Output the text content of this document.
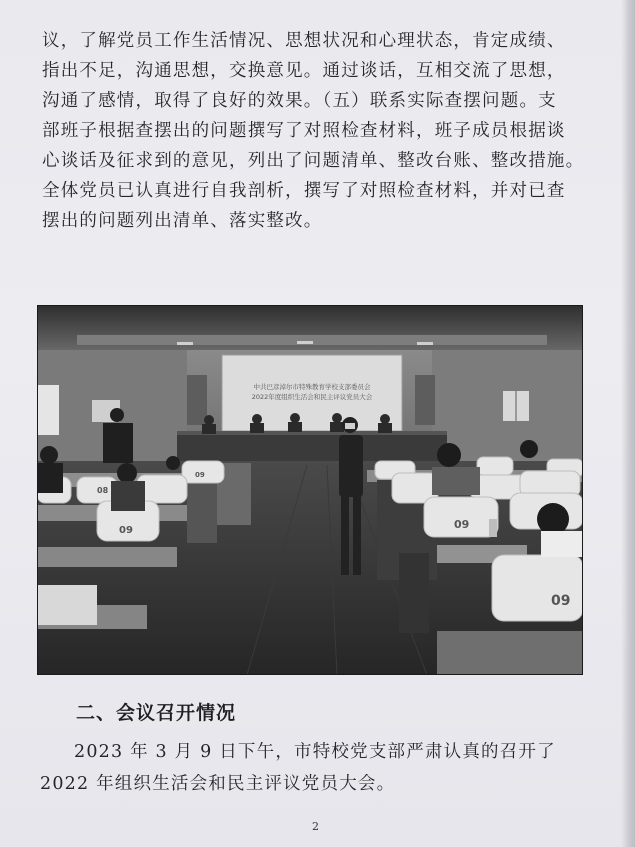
议，了解党员工作生活情况、思想状况和心理状态，肯定成绩、

指出不足，沟通思想，交换意见。通过谈话，互相交流了思想，

沟通了感情，取得了良好的效果。（五）联系实际查摆问题。支

部班子根据查摆出的问题撰写了对照检查材料，班子成员根据谈

心谈话及征求到的意见，列出了问题清单、整改台账、整改措施。

全体党员已认真进行自我剖析，撰写了对照检查材料，并对已查

摆出的问题列出清单、落实整改。

中共巴彦淖尔市特殊教育学校支部委员会
2022年度组织生活会和民主评议党员大会
08
09
09	09
09
二、会议召开情况

2023 年 3 月 9 日下午，市特校党支部严肃认真的召开了

2022 年组织生活会和民主评议党员大会。

2
